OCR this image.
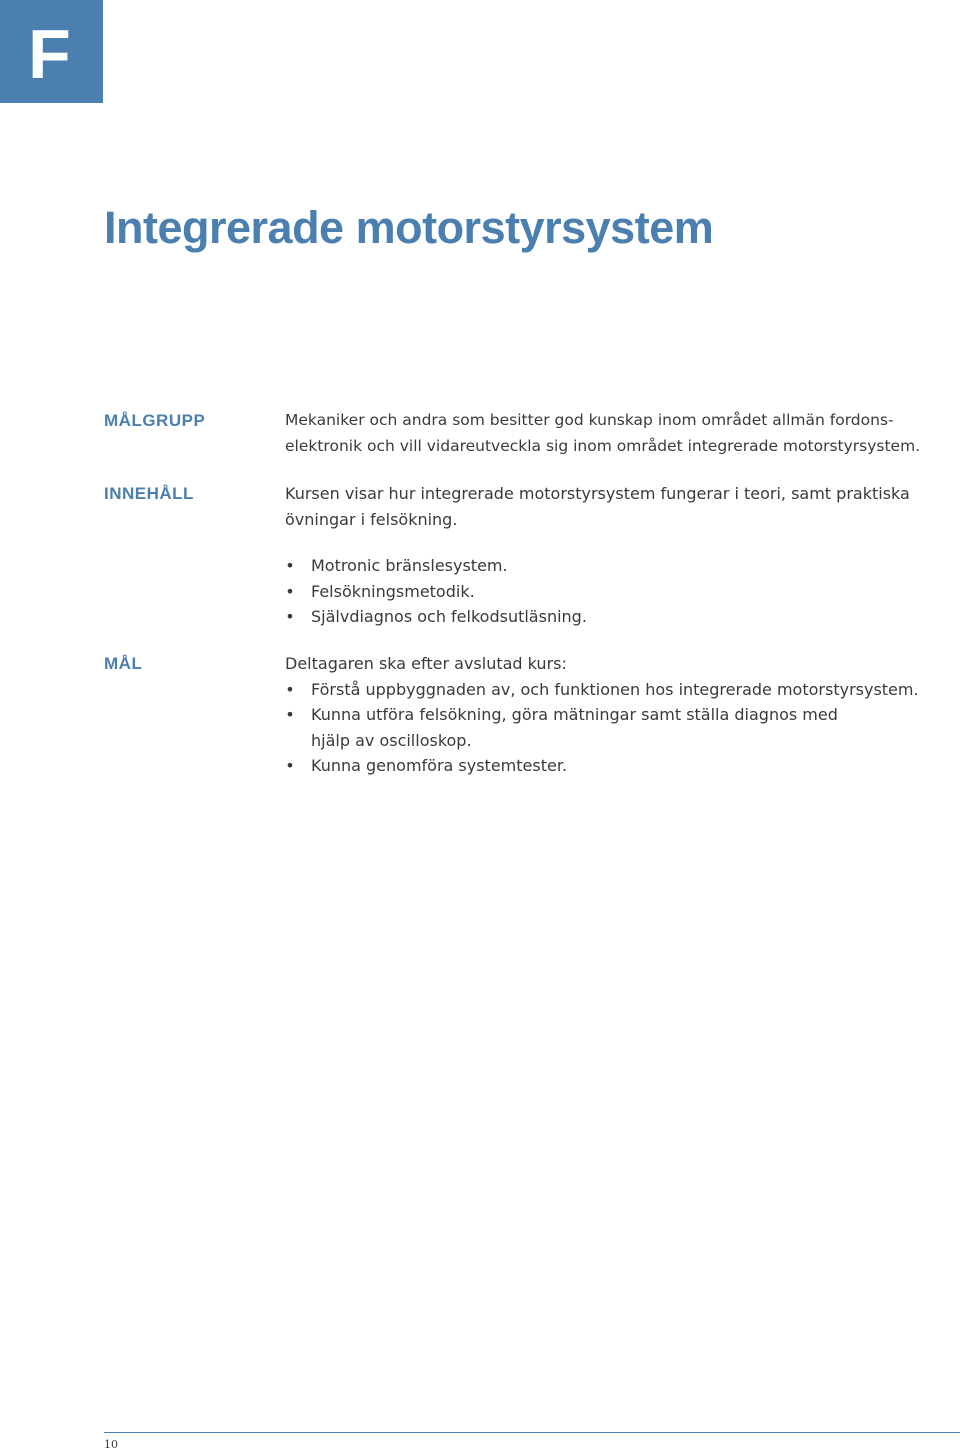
F
Integrerade motorstyrsystem
MÅLGRUPP	Mekaniker och andra som besitter god kunskap inom området allmän fordons-
elektronik och vill vidareutveckla sig inom området integrerade motorstyrsystem.
INNEHÅLL	Kursen visar hur integrerade motorstyrsystem fungerar i teori, samt praktiska
övningar i felsökning.
• Motronic bränslesystem.
• Felsökningsmetodik.
• Självdiagnos och felkodsutläsning.
MÅL	Deltagaren ska efter avslutad kurs:
• Förstå uppbyggnaden av, och funktionen hos integrerade motorstyrsystem.
• Kunna utföra felsökning, göra mätningar samt ställa diagnos med
hjälp av oscilloskop.
• Kunna genomföra systemtester.
10
